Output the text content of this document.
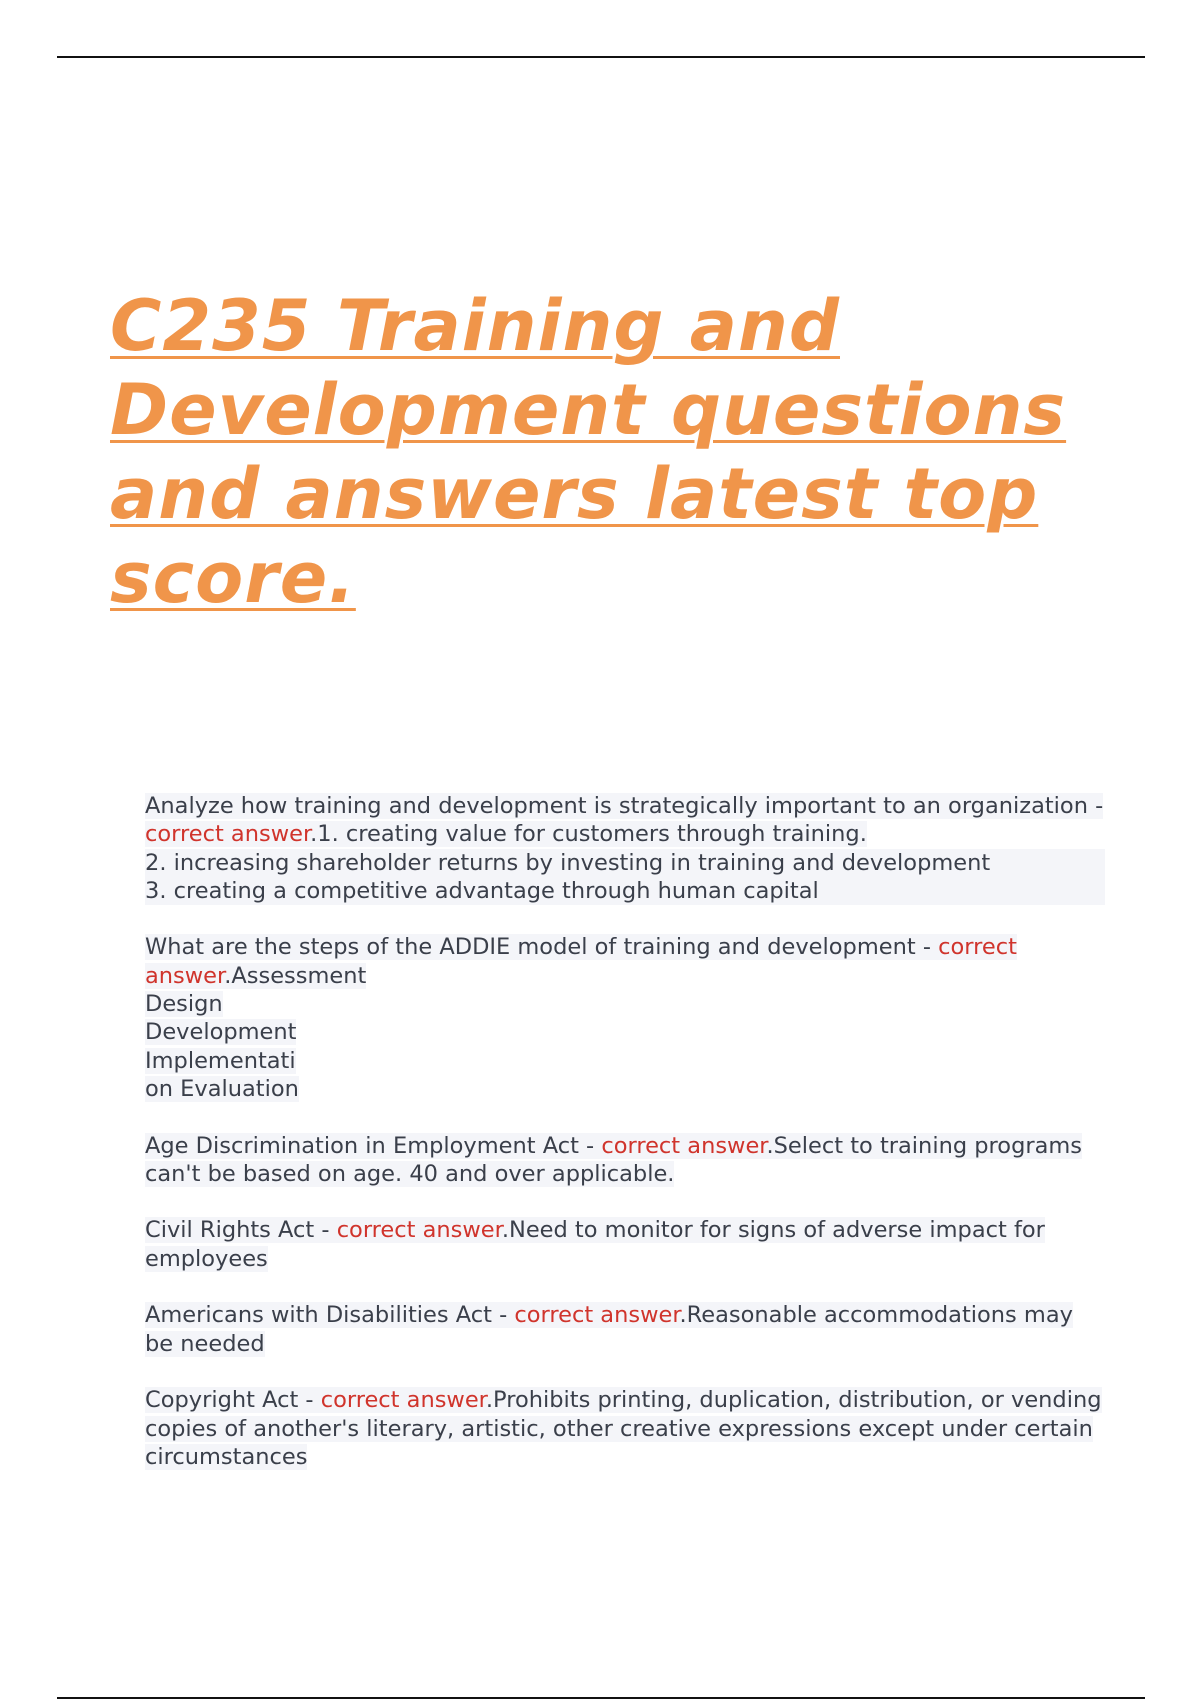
C235 Training and Development questions and answers latest top score.
Analyze how training and development is strategically important to an organization - correct answer.1. creating value for customers through training.
2. increasing shareholder returns by investing in training and development
3. creating a competitive advantage through human capital
What are the steps of the ADDIE model of training and development - correct answer.Assessment
Design
Development
Implementati
on Evaluation
Age Discrimination in Employment Act - correct answer.Select to training programs can't be based on age. 40 and over applicable.
Civil Rights Act - correct answer.Need to monitor for signs of adverse impact for employees
Americans with Disabilities Act - correct answer.Reasonable accommodations may be needed
Copyright Act - correct answer.Prohibits printing, duplication, distribution, or vending copies of another's literary, artistic, other creative expressions except under certain circumstances
